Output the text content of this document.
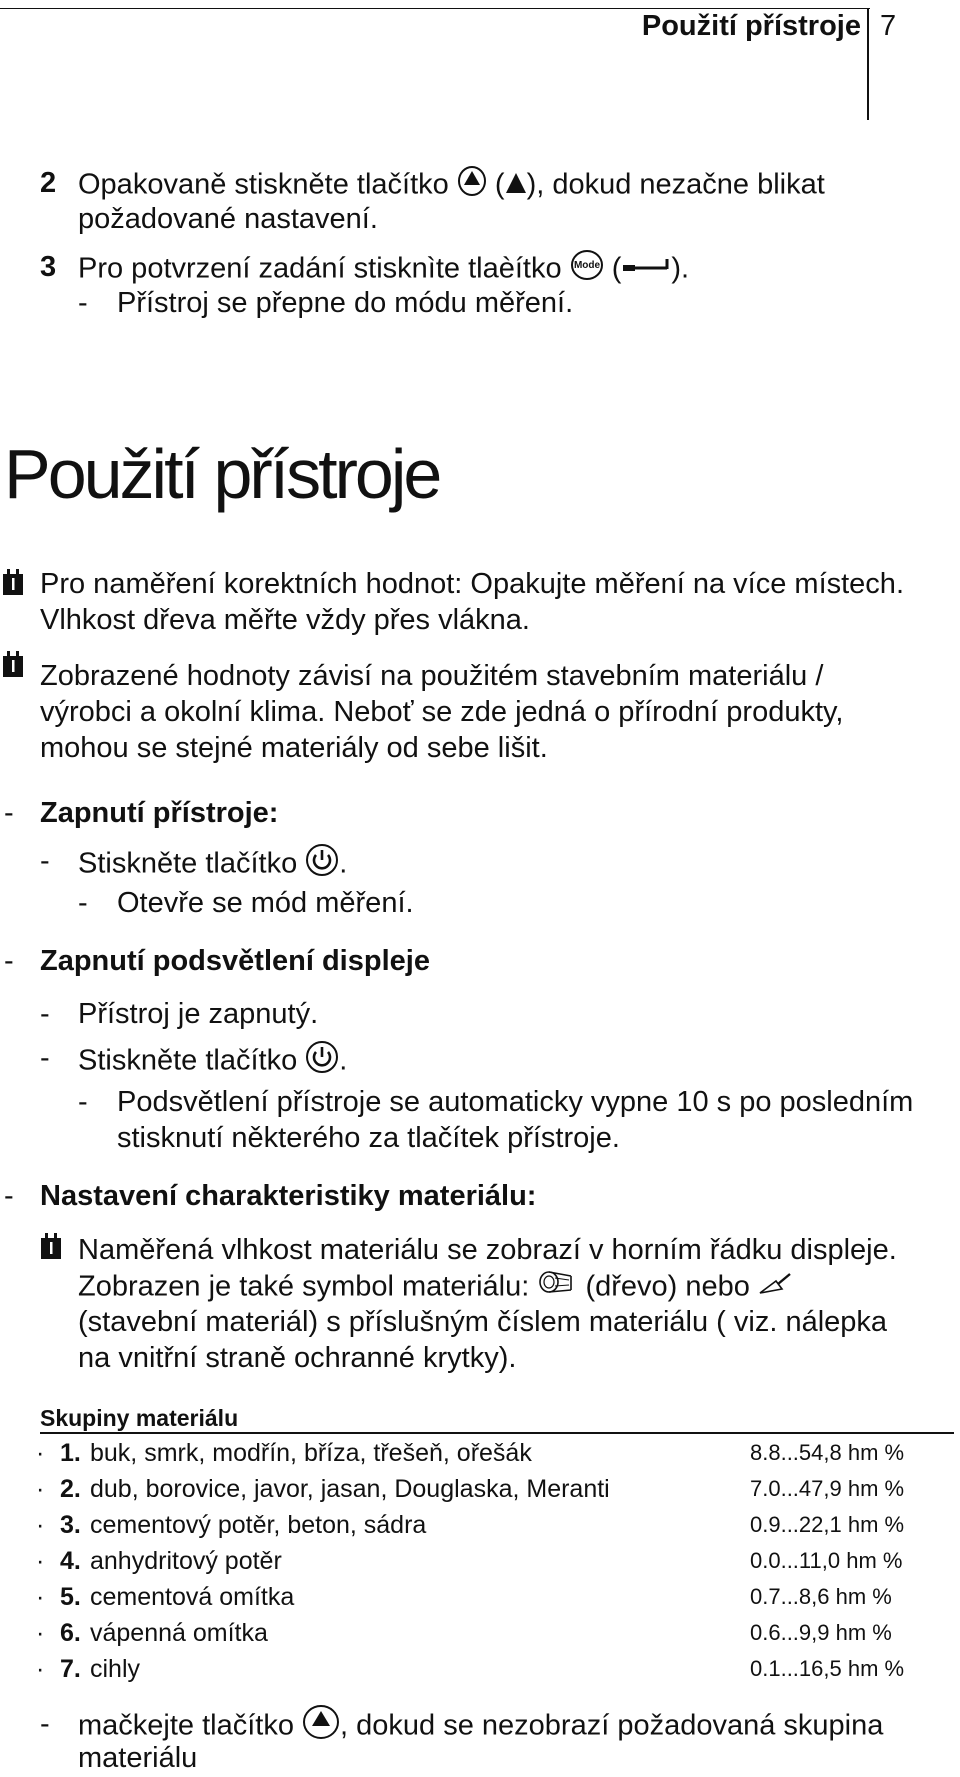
Použití přístroje 7
2 Opakovaně stiskněte tlačítko ( ), dokud nezačne blikat
požadované nastavení.
3 Pro potvrzení zadání stisknìte tlaèítko Mode ( ).
- Přístroj se přepne do módu měření.
Použití přístroje
Pro naměření korektních hodnot: Opakujte měření na více místech.
Vlhkost dřeva měřte vždy přes vlákna.
Zobrazené hodnoty závisí na použitém stavebním materiálu /
výrobci a okolní klima. Neboť se zde jedná o přírodní produkty,
mohou se stejné materiály od sebe lišit.
- Zapnutí přístroje:
- Stiskněte tlačítko .
- Otevře se mód měření.
- Zapnutí podsvětlení displeje
- Přístroj je zapnutý.
- Stiskněte tlačítko .
- Podsvětlení přístroje se automaticky vypne 10 s po posledním
stisknutí některého za tlačítek přístroje.
- Nastavení charakteristiky materiálu:
Naměřená vlhkost materiálu se zobrazí v horním řádku displeje.
Zobrazen je také symbol materiálu: (dřevo) nebo
(stavební materiál) s příslušným číslem materiálu ( viz. nálepka
na vnitřní straně ochranné krytky).
Skupiny materiálu
· 1. buk, smrk, modřín, bříza, třešeň, ořešák	8.8...54,8 hm %
· 2. dub, borovice, javor, jasan, Douglaska, Meranti	7.0...47,9 hm %
· 3. cementový potěr, beton, sádra	0.9...22,1 hm %
· 4. anhydritový potěr	0.0...11,0 hm %
· 5. cementová omítka	0.7...8,6 hm %
· 6. vápenná omítka	0.6...9,9 hm %
· 7. cihly	0.1...16,5 hm %
- mačkejte tlačítko , dokud se nezobrazí požadovaná skupina
materiálu
